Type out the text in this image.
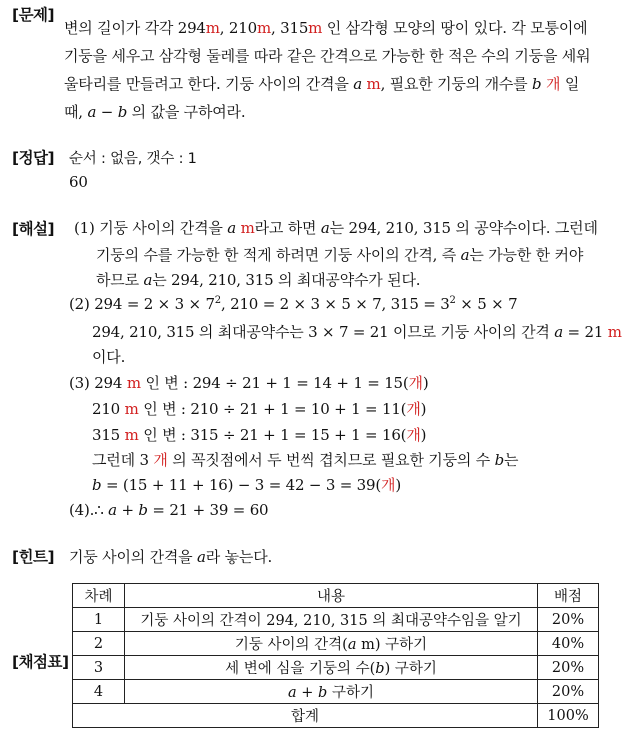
[문제]
[정답]
[해설]
[힌트]
[채점표]
변의 길이가 각각 294m, 210m, 315m 인 삼각형 모양의 땅이 있다. 각 모퉁이에
기둥을 세우고 삼각형 둘레를 따라 같은 간격으로 가능한 한 적은 수의 기둥을 세워
울타리를 만들려고 한다. 기둥 사이의 간격을 a m, 필요한 기둥의 개수를 b 개 일
때, a − b 의 값을 구하여라.
순서 : 없음, 갯수 : 1
60
(1) 기둥 사이의 간격을 a m라고 하면 a는 294, 210, 315 의 공약수이다. 그런데
기둥의 수를 가능한 한 적게 하려면 기둥 사이의 간격, 즉 a는 가능한 한 커야
하므로 a는 294, 210, 315 의 최대공약수가 된다.
(2) $294 = 2 \times 3 \times 7^2$, 210 = 2 × 3 × 5 × 7, $315 = 3^2 \times 5 \times 7$
294, 210, 315 의 최대공약수는 3 × 7 = 21 이므로 기둥 사이의 간격 a = 21 m
이다.
(3) 294 m 인 변 : 294 ÷ 21 + 1 = 14 + 1 = 15(개)
210 m 인 변 : 210 ÷ 21 + 1 = 10 + 1 = 11(개)
315 m 인 변 : 315 ÷ 21 + 1 = 15 + 1 = 16(개)
그런데 3 개 의 꼭짓점에서 두 번씩 겹치므로 필요한 기둥의 수 b는
b = (15 + 11 + 16) − 3 = 42 − 3 = 39(개)
(4).∴ a + b = 21 + 39 = 60
기둥 사이의 간격을 a라 놓는다.
차례	내용	배점
1	기둥 사이의 간격이 294, 210, 315 의 최대공약수임을 알기	20%
2	기둥 사이의 간격(a m) 구하기	40%
3	세 변에 심을 기둥의 수(b) 구하기	20%
4	a + b 구하기	20%
합계		100%
